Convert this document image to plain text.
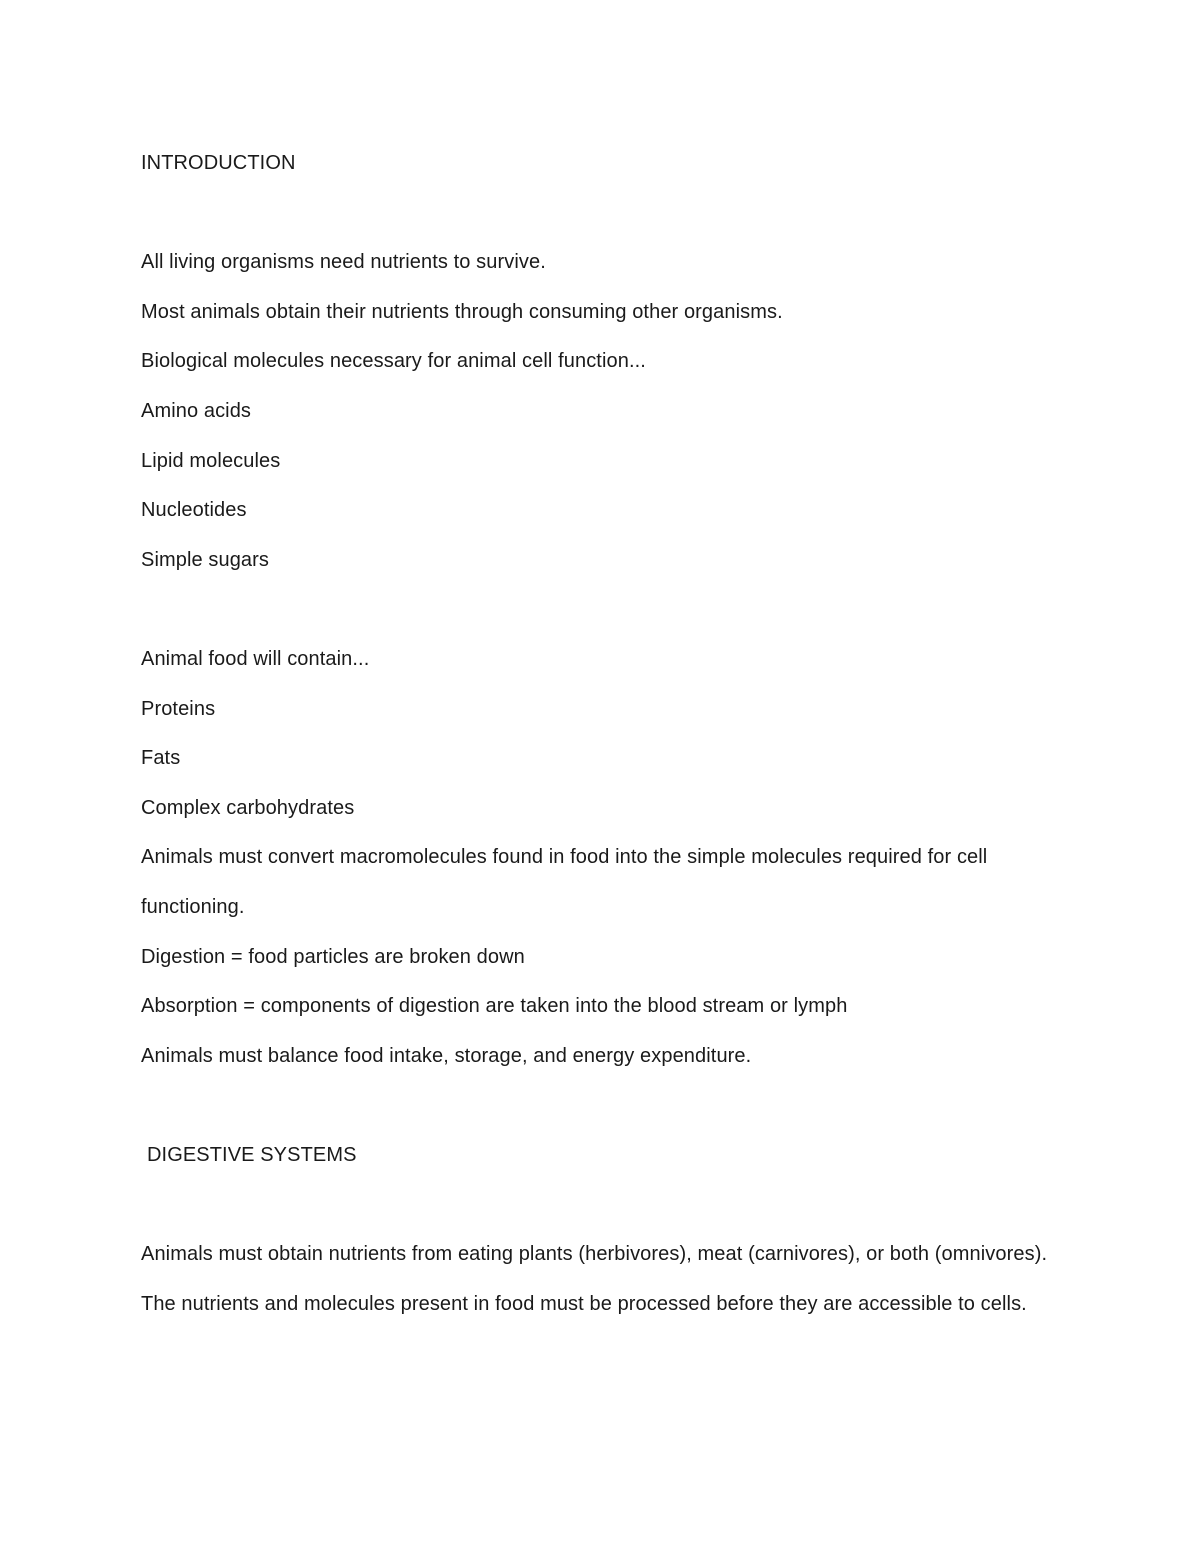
INTRODUCTION

All living organisms need nutrients to survive.

Most animals obtain their nutrients through consuming other organisms.

Biological molecules necessary for animal cell function...

Amino acids

Lipid molecules

Nucleotides

Simple sugars

Animal food will contain...

Proteins

Fats

Complex carbohydrates

Animals must convert macromolecules found in food into the simple molecules required for cell functioning.

Digestion = food particles are broken down

Absorption = components of digestion are taken into the blood stream or lymph

Animals must balance food intake, storage, and energy expenditure.

DIGESTIVE SYSTEMS

Animals must obtain nutrients from eating plants (herbivores), meat (carnivores), or both (omnivores).

The nutrients and molecules present in food must be processed before they are accessible to cells.
